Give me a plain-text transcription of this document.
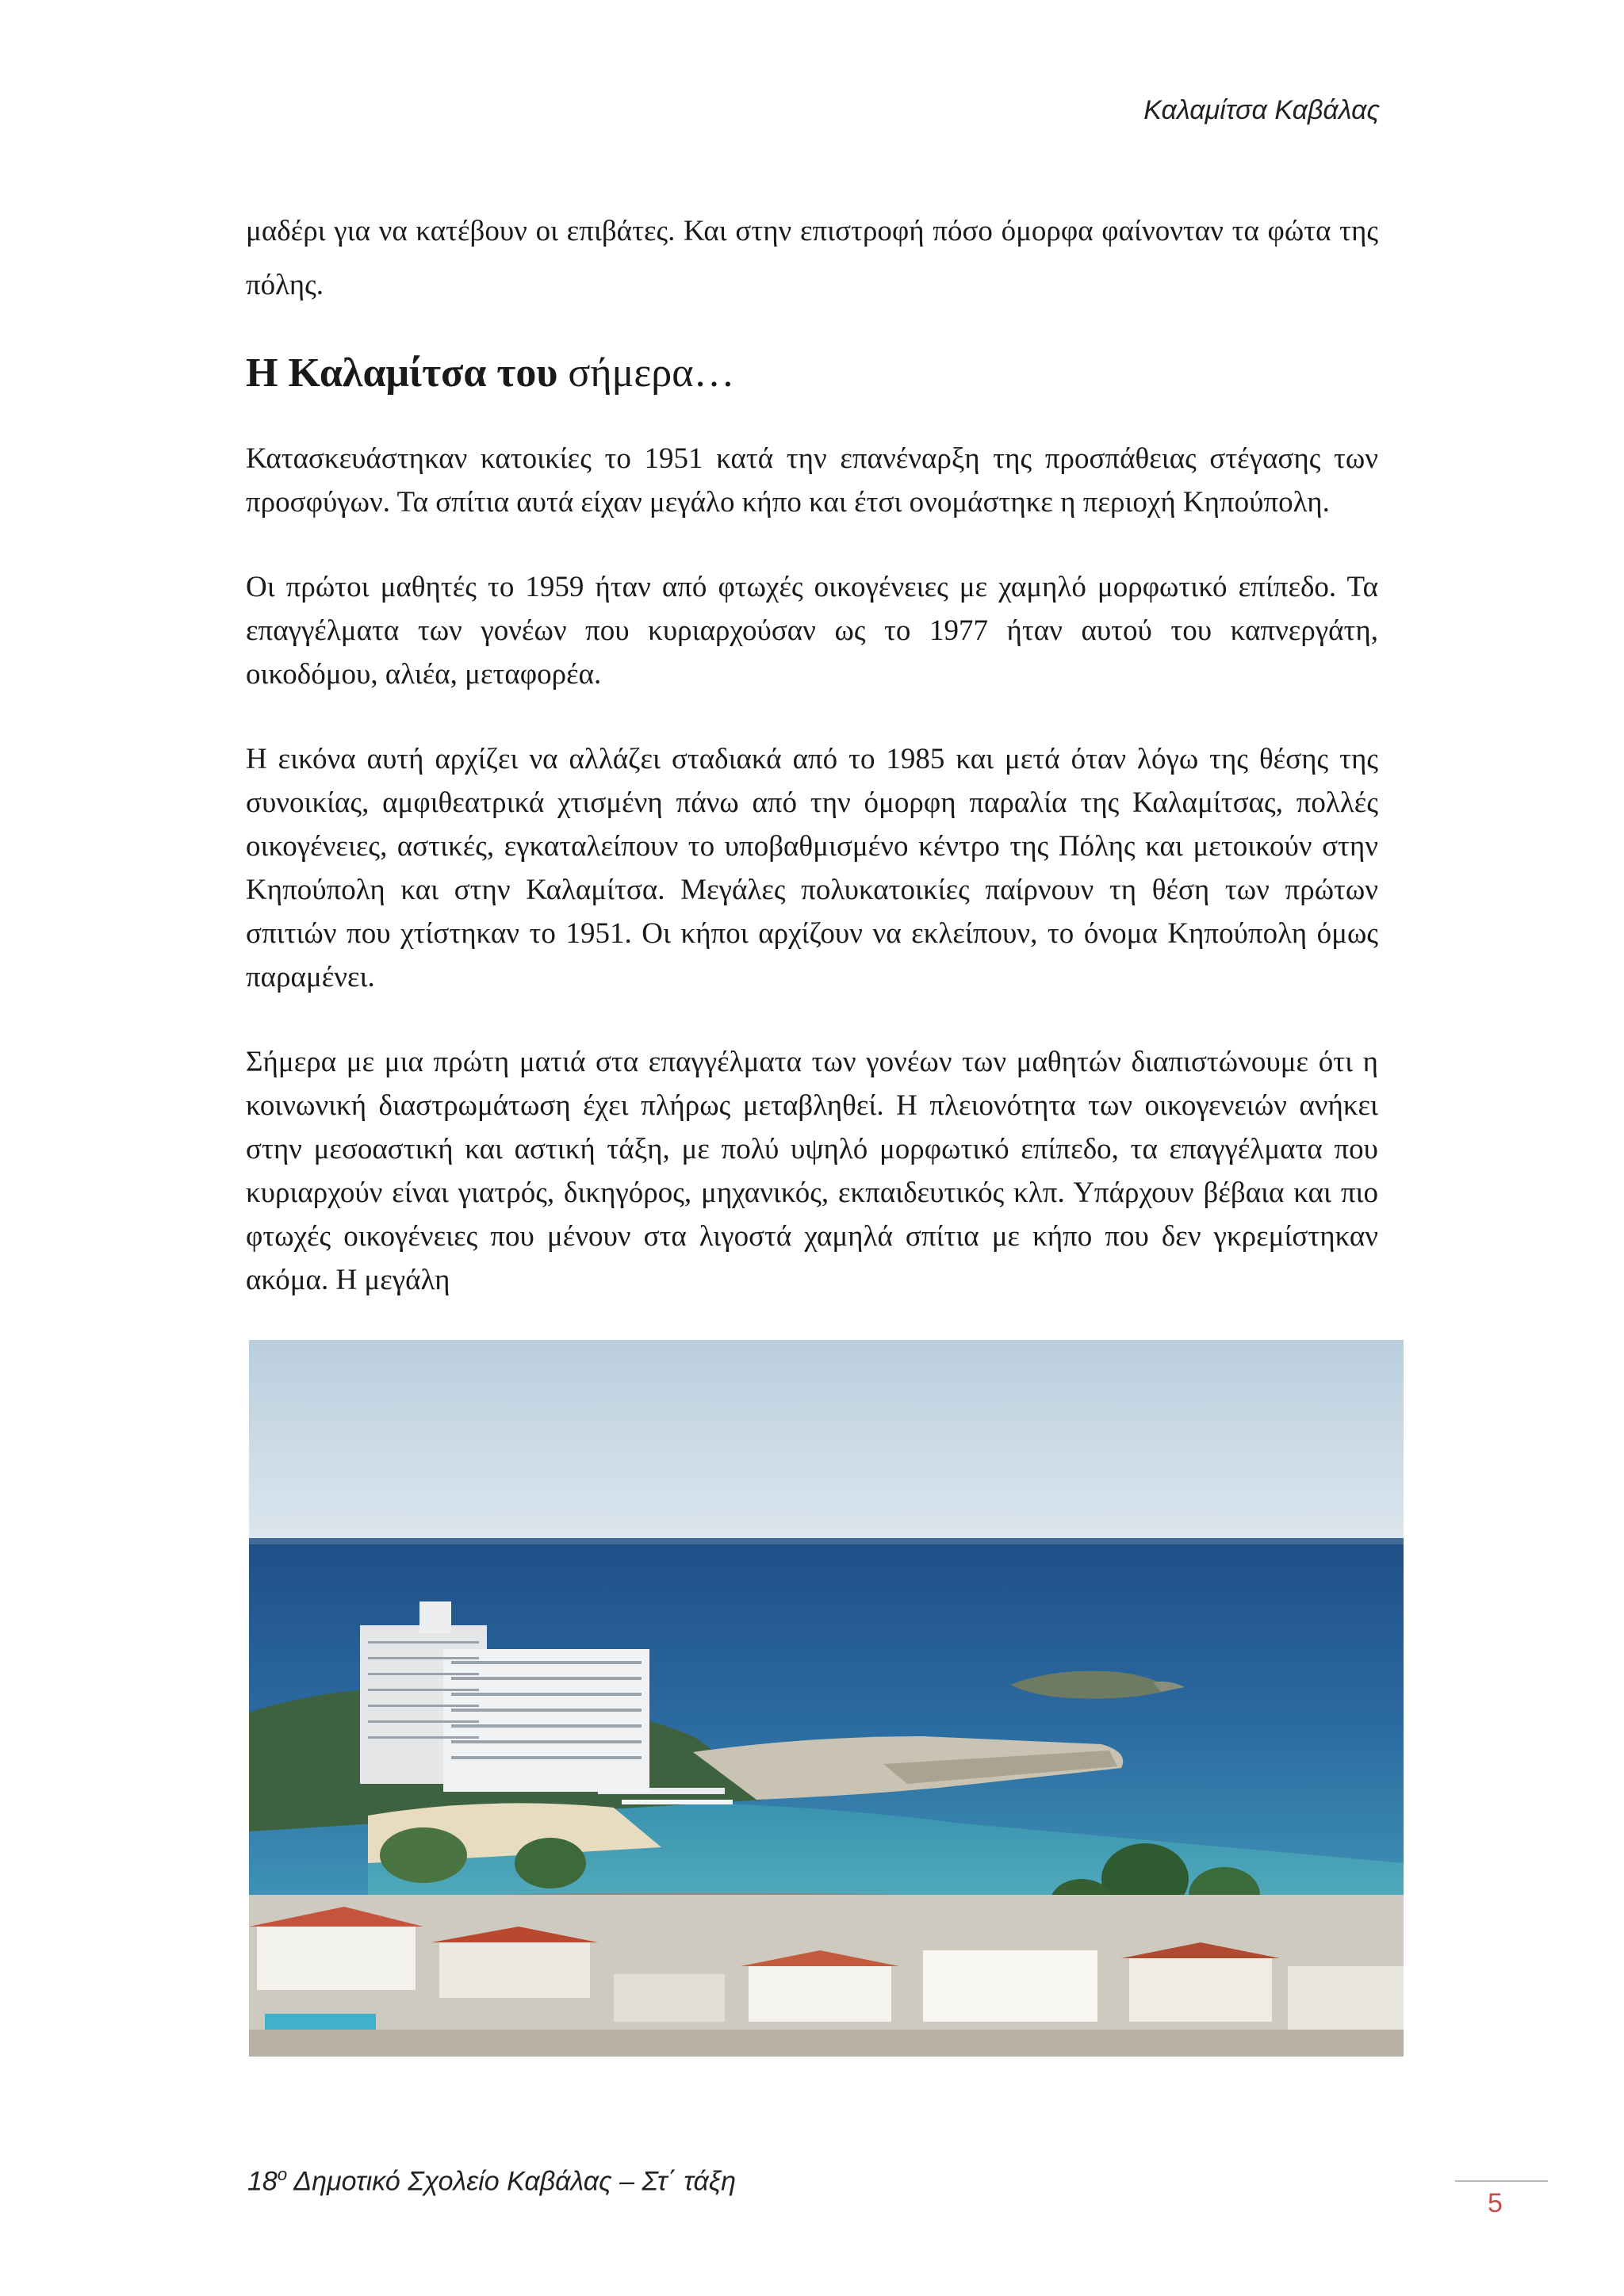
Καλαμίτσα Καβάλας

μαδέρι για να κατέβουν οι επιβάτες. Και στην επιστροφή πόσο όμορφα φαίνονταν τα φώτα της πόλης.

Η Καλαμίτσα του σήμερα…

Κατασκευάστηκαν κατοικίες το 1951 κατά την επανέναρξη της προσπάθειας στέγασης των προσφύγων. Τα σπίτια αυτά είχαν μεγάλο κήπο και έτσι ονομάστηκε η περιοχή Κηπούπολη.

Οι πρώτοι μαθητές το 1959 ήταν από φτωχές οικογένειες με χαμηλό μορφωτικό επίπεδο. Τα επαγγέλματα των γονέων που κυριαρχούσαν ως το 1977 ήταν αυτού του καπνεργάτη, οικοδόμου, αλιέα, μεταφορέα.

Η εικόνα αυτή αρχίζει να αλλάζει σταδιακά από το 1985 και μετά όταν λόγω της θέσης της συνοικίας, αμφιθεατρικά χτισμένη πάνω από την όμορφη παραλία της Καλαμίτσας, πολλές οικογένειες, αστικές, εγκαταλείπουν το υποβαθμισμένο κέντρο της Πόλης και μετοικούν στην Κηπούπολη και στην Καλαμίτσα. Μεγάλες πολυκατοικίες παίρνουν τη θέση των πρώτων σπιτιών που χτίστηκαν το 1951. Οι κήποι αρχίζουν να εκλείπουν, το όνομα Κηπούπολη όμως παραμένει.

Σήμερα με μια πρώτη ματιά στα επαγγέλματα των γονέων των μαθητών διαπιστώνουμε ότι η κοινωνική διαστρωμάτωση έχει πλήρως μεταβληθεί. Η πλειονότητα των οικογενειών ανήκει στην μεσοαστική και αστική τάξη, με πολύ υψηλό μορφωτικό επίπεδο, τα επαγγέλματα που κυριαρχούν είναι γιατρός, δικηγόρος, μηχανικός, εκπαιδευτικός κλπ. Υπάρχουν βέβαια και πιο φτωχές οικογένειες που μένουν στα λιγοστά χαμηλά σπίτια με κήπο που δεν γκρεμίστηκαν ακόμα. Η μεγάλη

$18^o$ Δημοτικό Σχολείο Καβάλας – Στ΄ τάξη
5
